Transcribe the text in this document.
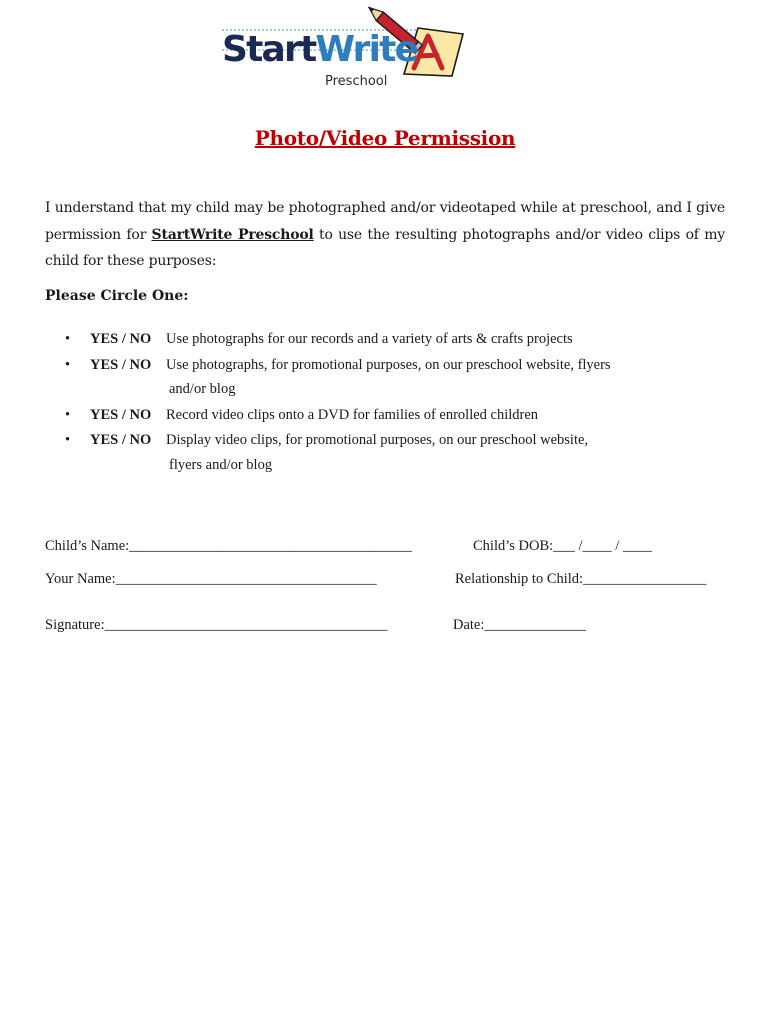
StartWrite
Preschool
Photo/Video Permission

I understand that my child may be photographed and/or videotaped while at preschool, and I give permission for StartWrite Preschool to use the resulting photographs and/or video clips of my child for these purposes:

Please Circle One:
• YES / NO Use photographs for our records and a variety of arts & crafts projects
• YES / NO Use photographs, for promotional purposes, on our preschool website, flyers
and/or blog
• YES / NO Record video clips onto a DVD for families of enrolled children
• YES / NO Display video clips, for promotional purposes, on our preschool website,
flyers and/or blog
Child’s Name:_______________________________________	Child’s DOB:___ /____ / ____
Your Name:____________________________________	Relationship to Child:_________________
Signature:_______________________________________	Date:______________
